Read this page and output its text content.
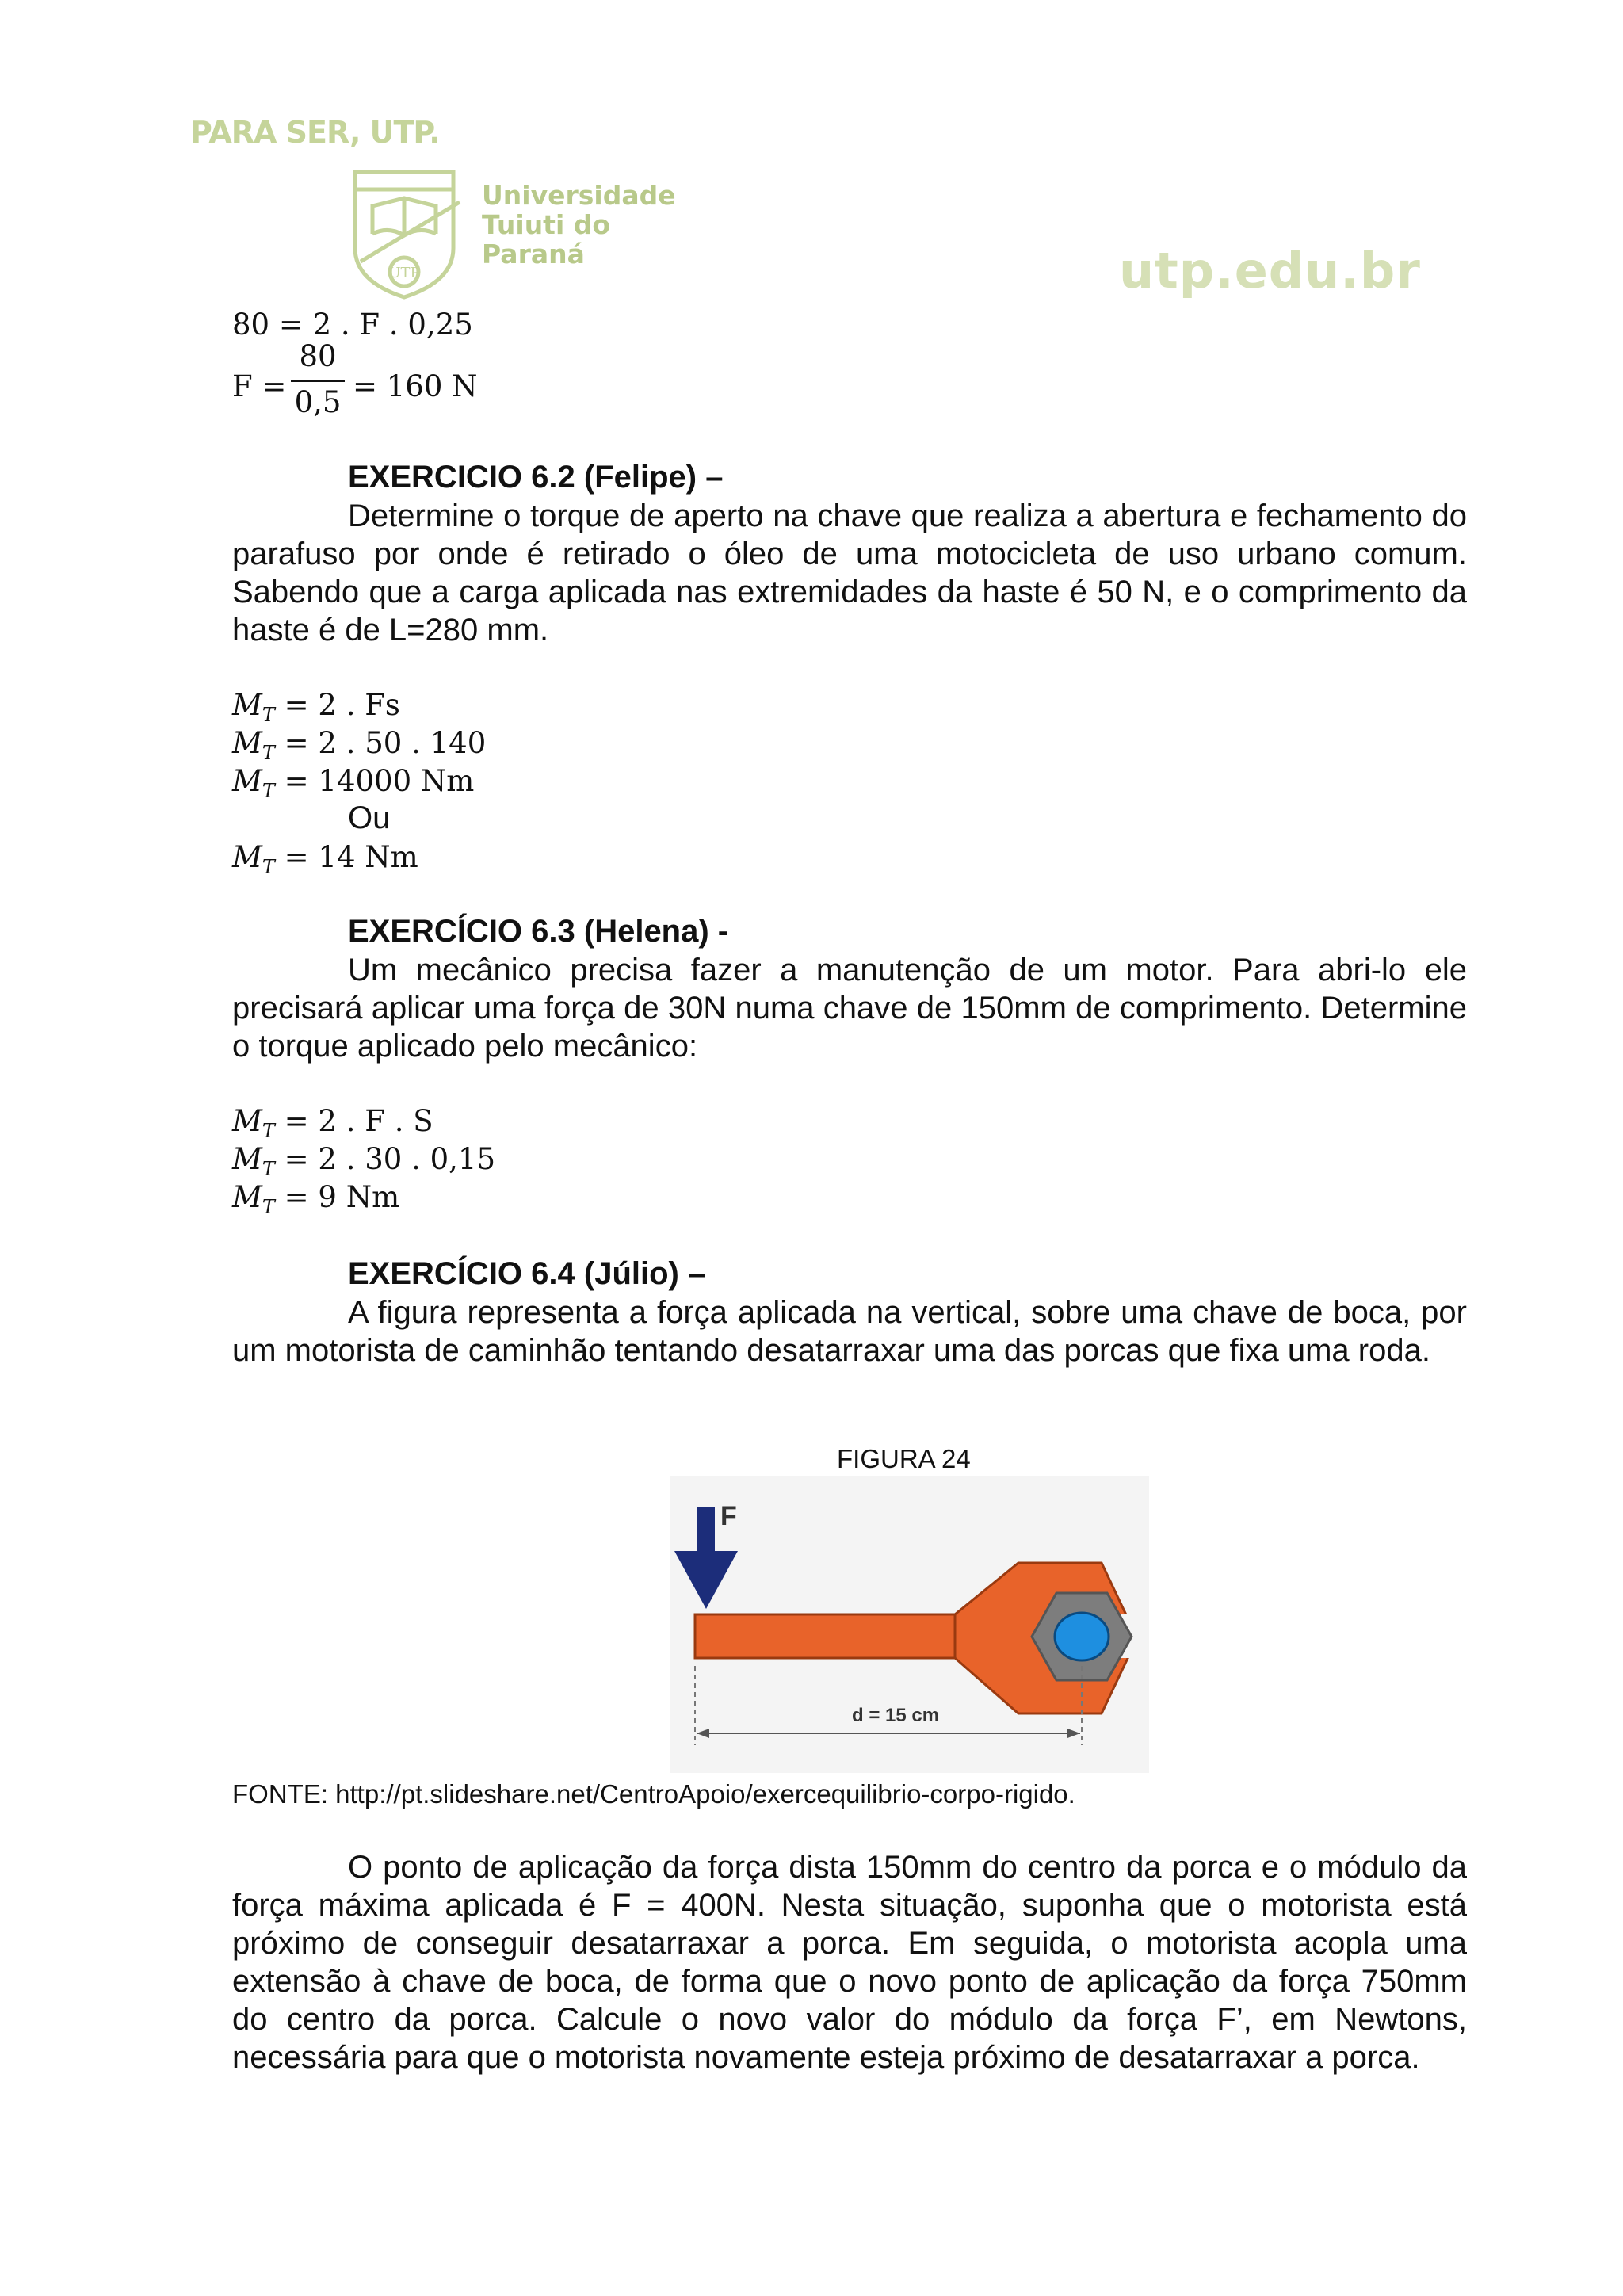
PARA SER, UTP.
UTP
Universidade
Tuiuti do
Paraná	utp.edu.br
80 = 2 . F . 0,25
F =
80
0,5 = 160 N
EXERCICIO 6.2 (Felipe) –
Determine o torque de aperto na chave que realiza a abertura e fechamento do parafuso por onde é retirado o óleo de uma motocicleta de uso urbano comum. Sabendo que a carga aplicada nas extremidades da haste é 50 N, e o comprimento da haste é de L=280 mm.
$M_T = 2$ . Fs
$M_T = 2$ . 50 . 140
$M_T = 14000$ Nm
Ou
$M_T = 14$ Nm
EXERCÍCIO 6.3 (Helena) -
Um mecânico precisa fazer a manutenção de um motor. Para abri-lo ele precisará aplicar uma força de 30N numa chave de 150mm de comprimento. Determine o torque aplicado pelo mecânico:
$M_T = 2$ . F . S
$M_T = 2$ . 30 . 0,15
$M_T = 9$ Nm
EXERCÍCIO 6.4 (Júlio) –
A figura representa a força aplicada na vertical, sobre uma chave de boca, por um motorista de caminhão tentando desatarraxar uma das porcas que fixa uma roda.
FIGURA 24
F
d = 15 cm
FONTE: http://pt.slideshare.net/CentroApoio/exercequilibrio-corpo-rigido.
O ponto de aplicação da força dista 150mm do centro da porca e o módulo da força máxima aplicada é F = 400N. Nesta situação, suponha que o motorista está próximo de conseguir desatarraxar a porca. Em seguida, o motorista acopla uma extensão à chave de boca, de forma que o novo ponto de aplicação da força 750mm do centro da porca. Calcule o novo valor do módulo da força F’, em Newtons, necessária para que o motorista novamente esteja próximo de desatarraxar a porca.
